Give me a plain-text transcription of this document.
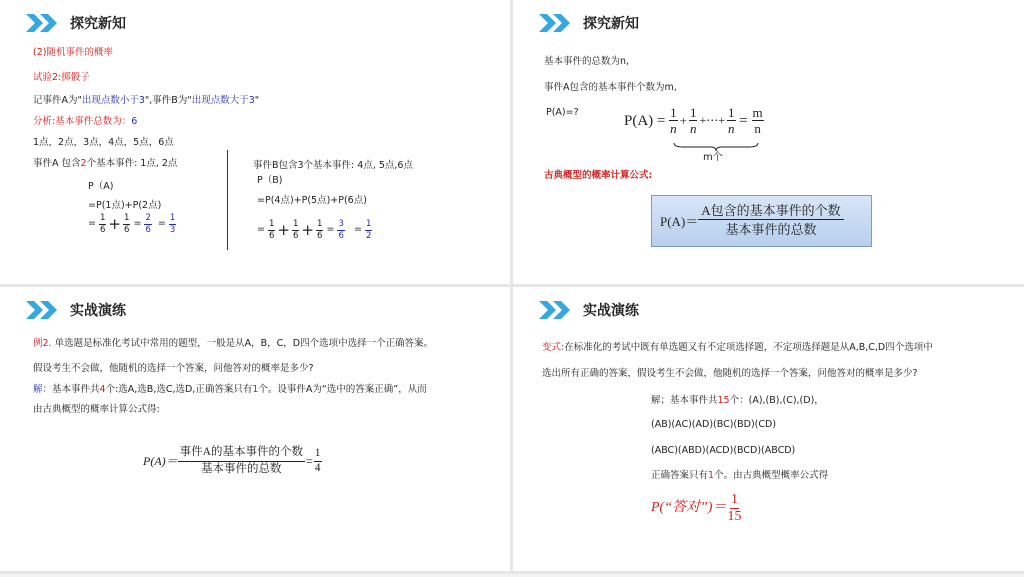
探究新知
(2)随机事件的概率
试验2:掷骰子
记事件A为"出现点数小于3",事件B为"出现点数大于3"
分析:基本事件总数为：6
1点，2点，3点，4点，5点，6点
事件A 包含2个基本事件: 1点, 2点
P（A)
=P(1点)+P(2点)
=
$\frac{1}{6} + \frac{1}{6}$
=
$\frac{2}{6}$
=
$\frac{1}{3}$
事件B包含3个基本事件: 4点, 5点,6点
P（B)
=P(4点)+P(5点)+P(6点)
=
$\frac{1}{6} + \frac{1}{6} + \frac{1}{6}$
=
$\frac{3}{6}$
=
$\frac{1}{2}$
探究新知
基本事件的总数为n,
事件A包含的基本事件个数为m,
P(A)=?	$P(A) = \frac{1}{n} + \frac{1}{n}$ +⋯+ $\frac{1}{n} = \frac{m}{n}$
m个
古典概型的概率计算公式:
$P(A)= \frac{\text{A包含的基本事件的个数}}{\text{基本事件的总数}}$
实战演练
例2. 单选题是标准化考试中常用的题型，一般是从A，B，C，D四个选项中选择一个正确答案。
假设考生不会做，他随机的选择一个答案，问他答对的概率是多少?
解：基本事件共4个:选A,选B,选C,选D,正确答案只有1个。设事件A为“选中的答案正确”，从而
由古典概型的概率计算公式得:
$P(A)= \frac{\text{事件A的基本事件的个数}}{\text{基本事件的总数}} = \frac{1}{4}$
实战演练
变式:在标准化的考试中既有单选题又有不定项选择题，不定项选择题是从A,B,C,D四个选项中
选出所有正确的答案，假设考生不会做，他随机的选择一个答案，问他答对的概率是多少?
解；基本事件共15个：(A),(B),(C),(D)，
(AB)(AC)(AD)(BC)(BD)(CD)
(ABC)(ABD)(ACD)(BCD)(ABCD)
正确答案只有1个。由古典概型概率公式得
P(“答对”)＝ $\frac{1}{15}$
